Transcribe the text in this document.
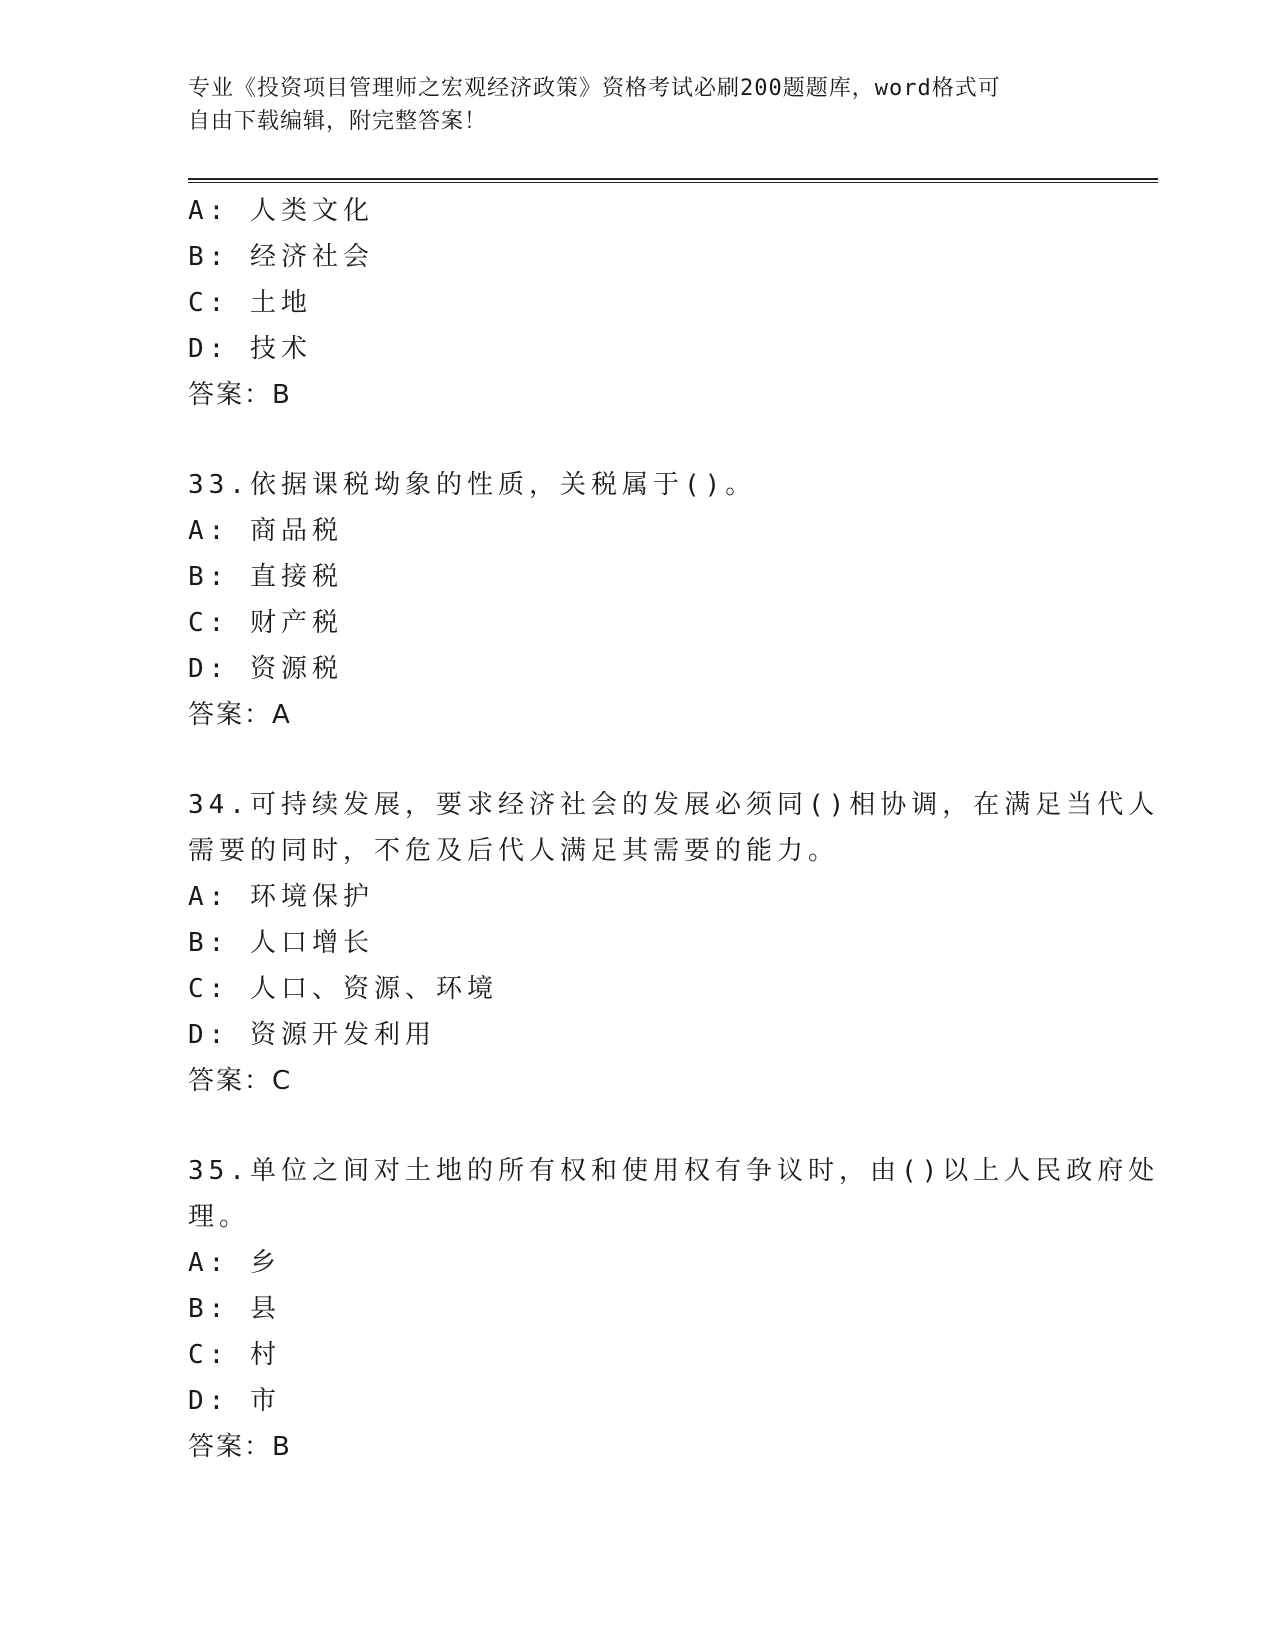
专业《投资项目管理师之宏观经济政策》资格考试必刷200题题库，word格式可
自由下载编辑，附完整答案！
A: 人类文化
B: 经济社会
C: 土地
D: 技术
答案：B
33.依据课税坳象的性质，关税属于()。
A: 商品税
B: 直接税
C: 财产税
D: 资源税
答案：A
34.可持续发展，要求经济社会的发展必须同()相协调，在满足当代人
需要的同时，不危及后代人满足其需要的能力。
A: 环境保护
B: 人口增长
C: 人口、资源、环境
D: 资源开发利用
答案：C
35.单位之间对土地的所有权和使用权有争议时，由()以上人民政府处
理。
A: 乡
B: 县
C: 村
D: 市
答案：B
